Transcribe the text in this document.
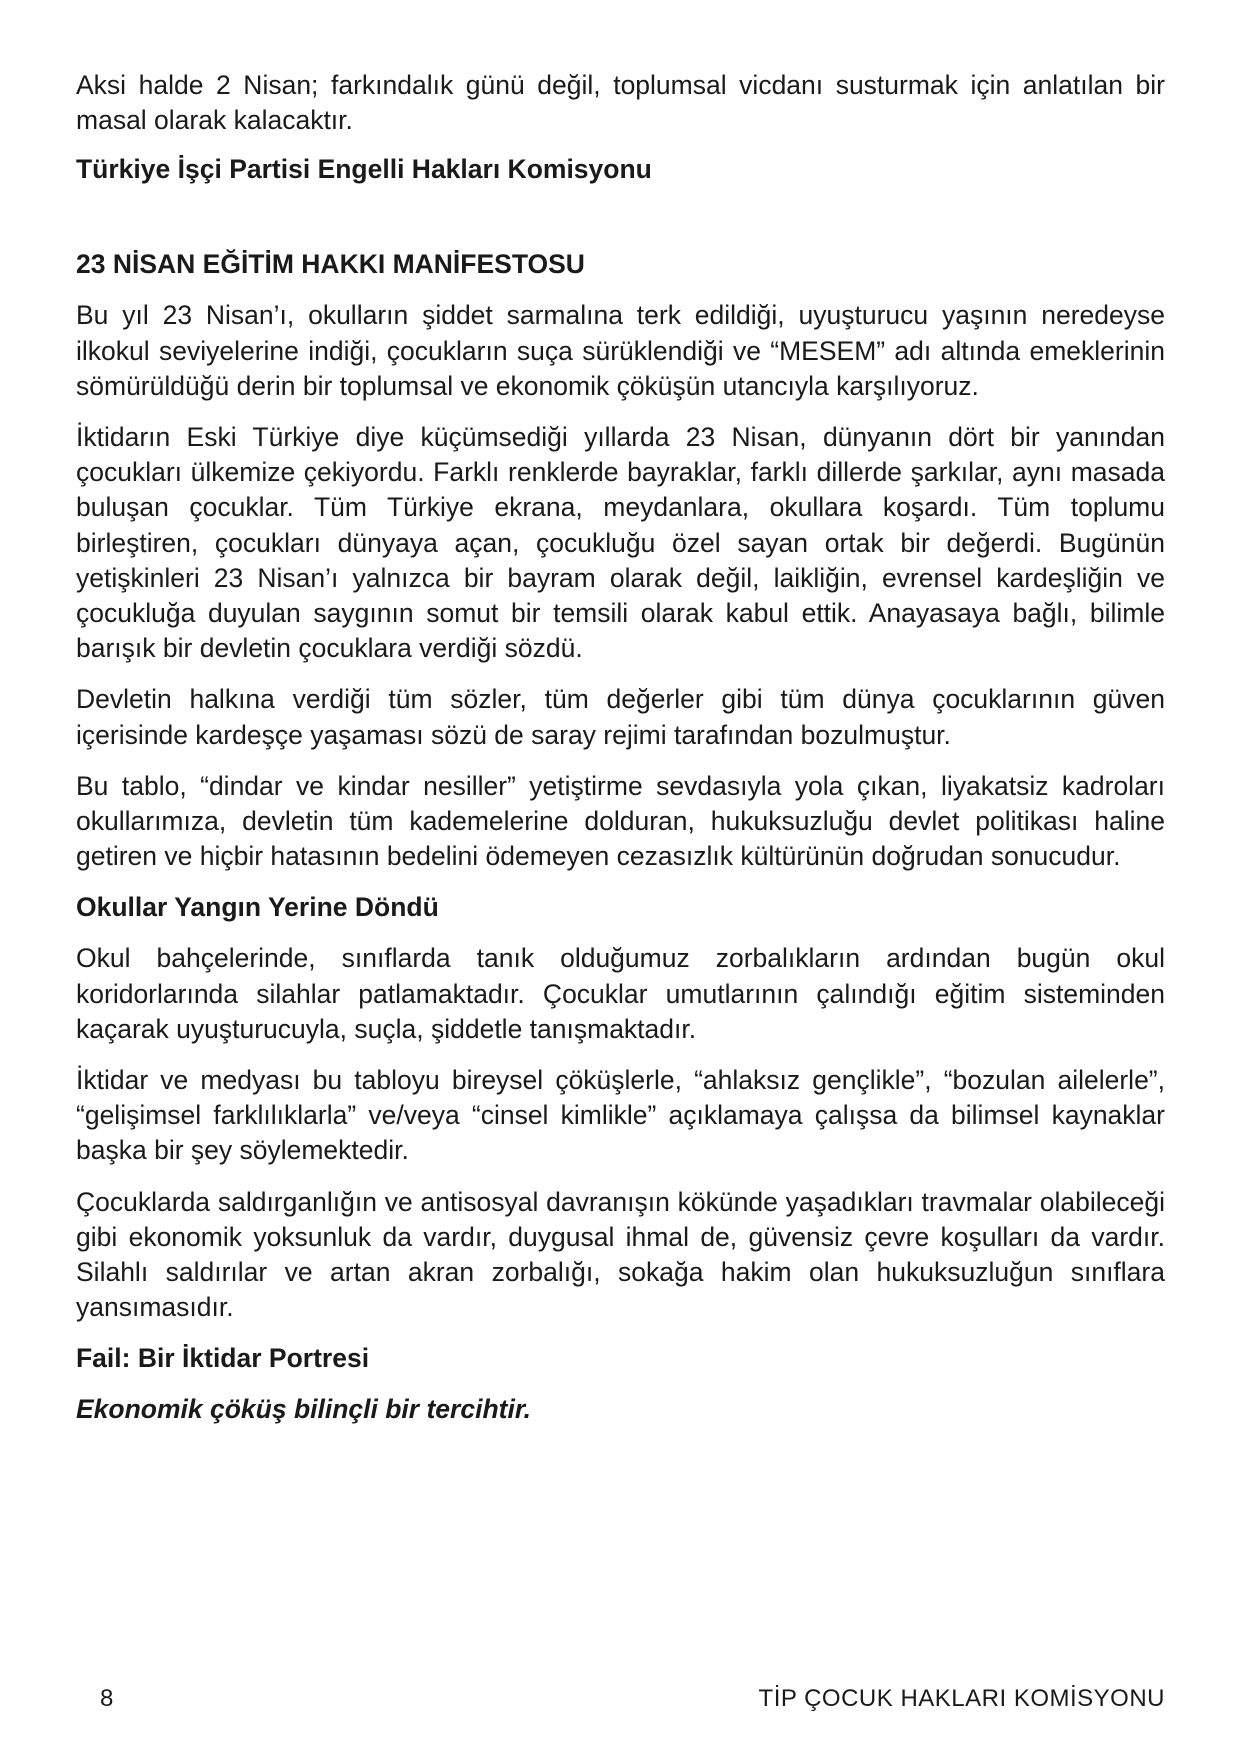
Aksi halde 2 Nisan; farkındalık günü değil, toplumsal vicdanı susturmak için anlatılan bir masal olarak kalacaktır.

Türkiye İşçi Partisi Engelli Hakları Komisyonu
23 NİSAN EĞİTİM HAKKI MANİFESTOSU

Bu yıl 23 Nisan’ı, okulların şiddet sarmalına terk edildiği, uyuşturucu yaşının neredeyse ilkokul seviyelerine indiği, çocukların suça sürüklendiği ve “MESEM” adı altında emeklerinin sömürüldüğü derin bir toplumsal ve ekonomik çöküşün utancıyla karşılıyoruz.

İktidarın Eski Türkiye diye küçümsediği yıllarda 23 Nisan, dünyanın dört bir yanından çocukları ülkemize çekiyordu. Farklı renklerde bayraklar, farklı dillerde şarkılar, aynı masada buluşan çocuklar. Tüm Türkiye ekrana, meydanlara, okullara koşardı. Tüm toplumu birleştiren, çocukları dünyaya açan, çocukluğu özel sayan ortak bir değerdi. Bugünün yetişkinleri 23 Nisan’ı yalnızca bir bayram olarak değil, laikliğin, evrensel kardeşliğin ve çocukluğa duyulan saygının somut bir temsili olarak kabul ettik. Anayasaya bağlı, bilimle barışık bir devletin çocuklara verdiği sözdü.

Devletin halkına verdiği tüm sözler, tüm değerler gibi tüm dünya çocuklarının güven içerisinde kardeşçe yaşaması sözü de saray rejimi tarafından bozulmuştur.

Bu tablo, “dindar ve kindar nesiller” yetiştirme sevdasıyla yola çıkan, liyakatsiz kadroları okullarımıza, devletin tüm kademelerine dolduran, hukuksuzluğu devlet politikası haline getiren ve hiçbir hatasının bedelini ödemeyen cezasızlık kültürünün doğrudan sonucudur.

Okullar Yangın Yerine Döndü

Okul bahçelerinde, sınıflarda tanık olduğumuz zorbalıkların ardından bugün okul koridorlarında silahlar patlamaktadır. Çocuklar umutlarının çalındığı eğitim sisteminden kaçarak uyuşturucuyla, suçla, şiddetle tanışmaktadır.

İktidar ve medyası bu tabloyu bireysel çöküşlerle, “ahlaksız gençlikle”, “bozulan ailelerle”, “gelişimsel farklılıklarla” ve/veya “cinsel kimlikle” açıklamaya çalışsa da bilimsel kaynaklar başka bir şey söylemektedir.

Çocuklarda saldırganlığın ve antisosyal davranışın kökünde yaşadıkları travmalar olabileceği gibi ekonomik yoksunluk da vardır, duygusal ihmal de, güvensiz çevre koşulları da vardır. Silahlı saldırılar ve artan akran zorbalığı, sokağa hakim olan hukuksuzluğun sınıflara yansımasıdır.

Fail: Bir İktidar Portresi
Ekonomik çöküş bilinçli bir tercihtir.
8	TİP ÇOCUK HAKLARI KOMİSYONU
